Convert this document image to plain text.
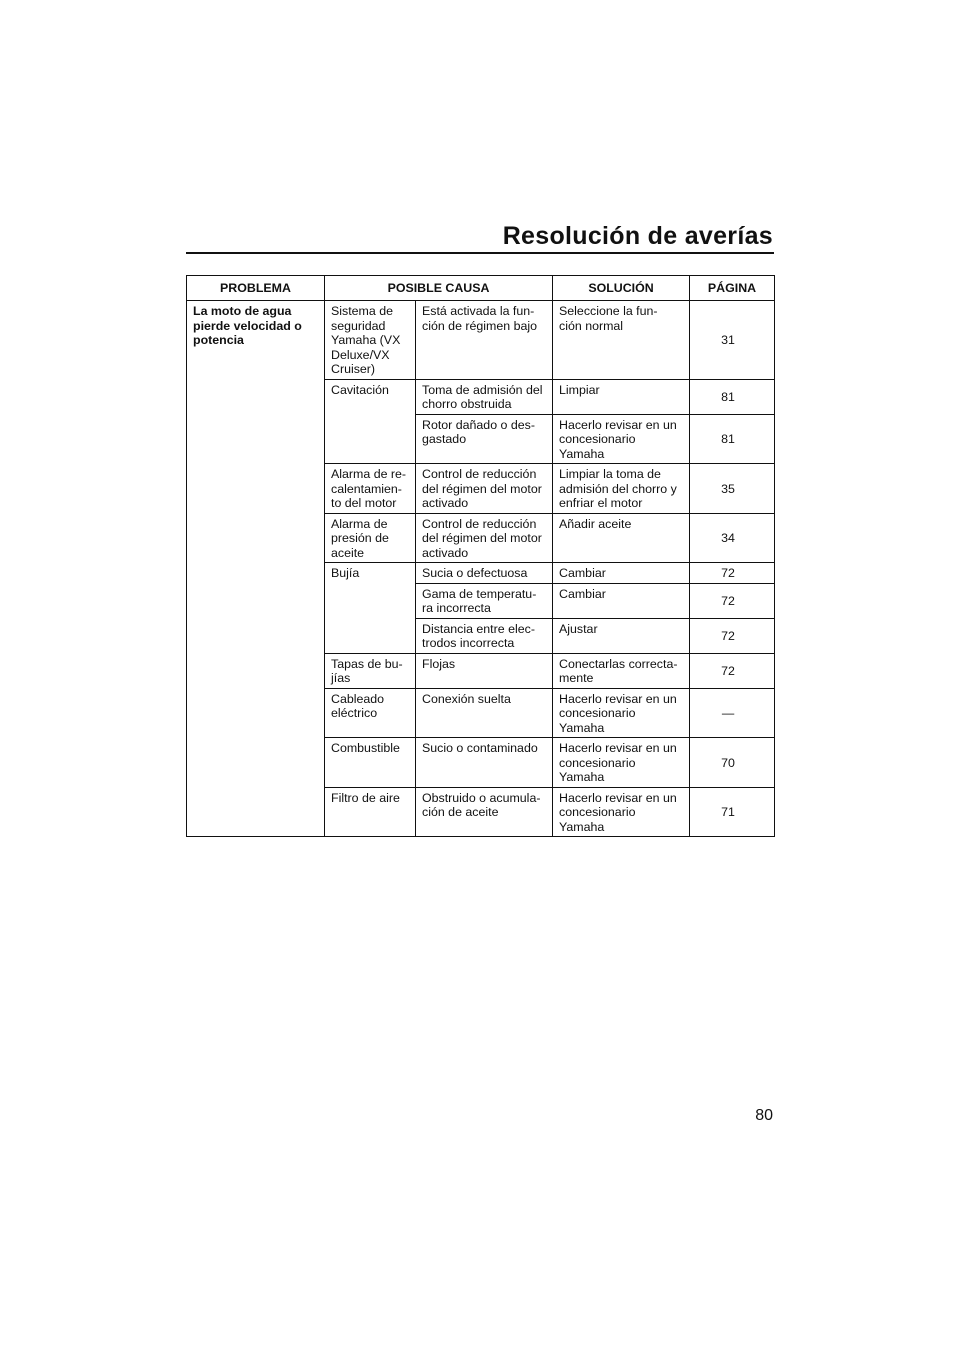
Resolución de averías
PROBLEMA	POSIBLE CAUSA		SOLUCIÓN	PÁGINA

La moto de agua
pierde velocidad o
potencia	Sistema de
seguridad
Yamaha (VX
Deluxe/VX
Cruiser)	Está activada la fun-
ción de régimen bajo	Seleccione la fun-
ción normal	31

	Cavitación	Toma de admisión del
chorro obstruida	Limpiar	81

		Rotor dañado o des-
gastado	Hacerlo revisar en un
concesionario
Yamaha	81

	Alarma de re-
calentamien-
to del motor	Control de reducción
del régimen del motor
activado	Limpiar la toma de
admisión del chorro y
enfriar el motor	35

	Alarma de
presión de
aceite	Control de reducción
del régimen del motor
activado	Añadir aceite	34

	Bujía	Sucia o defectuosa	Cambiar	72

		Gama de temperatu-
ra incorrecta	Cambiar	72

		Distancia entre elec-
trodos incorrecta	Ajustar	72

	Tapas de bu-
jías	Flojas	Conectarlas correcta-
mente	72

	Cableado
eléctrico	Conexión suelta	Hacerlo revisar en un
concesionario
Yamaha	—

	Combustible	Sucio o contaminado	Hacerlo revisar en un
concesionario
Yamaha	70

	Filtro de aire	Obstruido o acumula-
ción de aceite	Hacerlo revisar en un
concesionario
Yamaha	71
80
